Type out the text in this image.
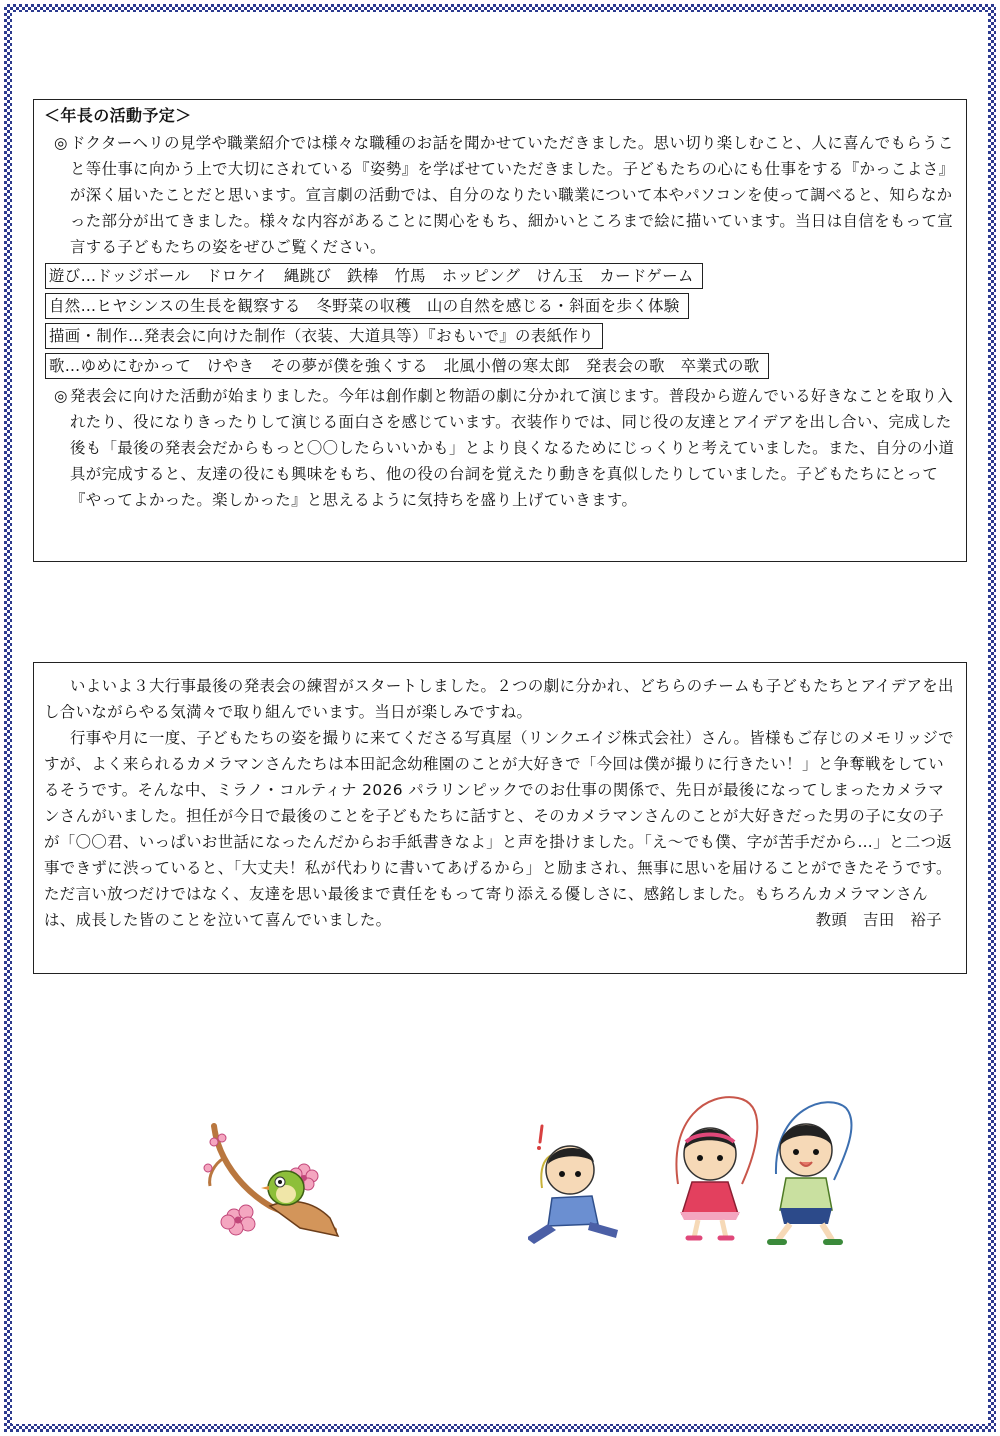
＜年長の活動予定＞

◎ ドクターヘリの見学や職業紹介では様々な職種のお話を聞かせていただきました。思い切り楽しむこと、人に喜んでもらうこと等仕事に向かう上で大切にされている『姿勢』を学ばせていただきました。子どもたちの心にも仕事をする『かっこよさ』が深く届いたことだと思います。宣言劇の活動では、自分のなりたい職業について本やパソコンを使って調べると、知らなかった部分が出てきました。様々な内容があることに関心をもち、細かいところまで絵に描いています。当日は自信をもって宣言する子どもたちの姿をぜひご覧ください。

遊び…ドッジボール　ドロケイ　縄跳び　鉄棒　竹馬　ホッピング　けん玉　カードゲーム
自然…ヒヤシンスの生長を観察する　冬野菜の収穫　山の自然を感じる・斜面を歩く体験
描画・制作…発表会に向けた制作（衣装、大道具等）『おもいで』の表紙作り
歌…ゆめにむかって　けやき　その夢が僕を強くする　北風小僧の寒太郎　発表会の歌　卒業式の歌

◎ 発表会に向けた活動が始まりました。今年は創作劇と物語の劇に分かれて演じます。普段から遊んでいる好きなことを取り入れたり、役になりきったりして演じる面白さを感じています。衣装作りでは、同じ役の友達とアイデアを出し合い、完成した後も「最後の発表会だからもっと〇〇したらいいかも」とより良くなるためにじっくりと考えていました。また、自分の小道具が完成すると、友達の役にも興味をもち、他の役の台詞を覚えたり動きを真似したりしていました。子どもたちにとって『やってよかった。楽しかった』と思えるように気持ちを盛り上げていきます。

いよいよ３大行事最後の発表会の練習がスタートしました。２つの劇に分かれ、どちらのチームも子どもたちとアイデアを出し合いながらやる気満々で取り組んでいます。当日が楽しみですね。

行事や月に一度、子どもたちの姿を撮りに来てくださる写真屋（リンクエイジ株式会社）さん。皆様もご存じのメモリッジですが、よく来られるカメラマンさんたちは本田記念幼稚園のことが大好きで「今回は僕が撮りに行きたい！」と争奪戦をしているそうです。そんな中、ミラノ・コルティナ 2026 パラリンピックでのお仕事の関係で、先日が最後になってしまったカメラマンさんがいました。担任が今日で最後のことを子どもたちに話すと、そのカメラマンさんのことが大好きだった男の子に女の子が「〇〇君、いっぱいお世話になったんだからお手紙書きなよ」と声を掛けました。「え～でも僕、字が苦手だから…」と二つ返事できずに渋っていると、「大丈夫！私が代わりに書いてあげるから」と励まされ、無事に思いを届けることができたそうです。ただ言い放つだけではなく、友達を思い最後まで責任をもって寄り添える優しさに、感銘しました。もちろんカメラマンさんは、成長した皆のことを泣いて喜んでいました。	教頭　吉田　裕子
